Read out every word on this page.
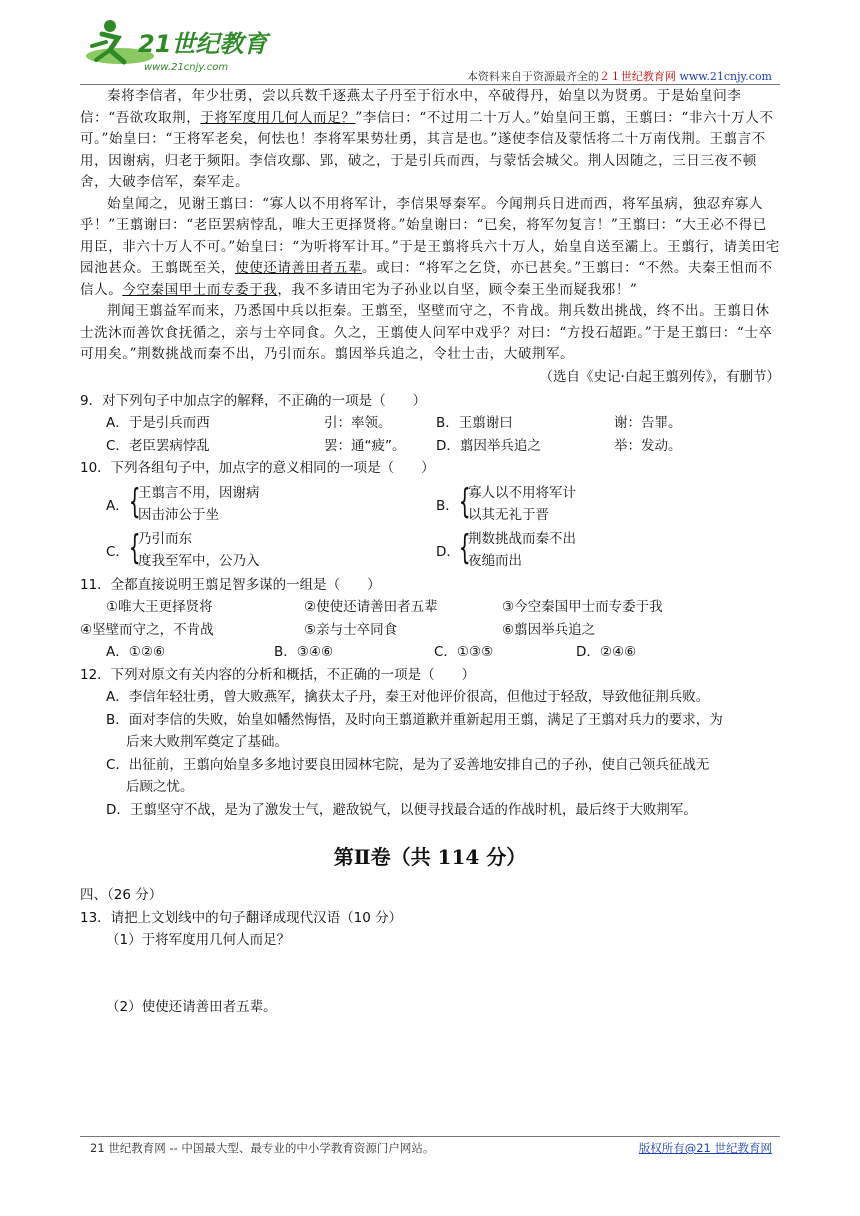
21世纪教育
www.21cnjy.com
本资料来自于资源最齐全的２１世纪教育网 www.21cnjy.com

秦将李信者，年少壮勇，尝以兵数千逐燕太子丹至于衍水中，卒破得丹，始皇以为贤勇。于是始皇问李信：“吾欲攻取荆，于将军度用几何人而足？”李信曰：“不过用二十万人。”始皇问王翦，王翦曰：“非六十万人不可。”始皇曰：“王将军老矣，何怯也！李将军果势壮勇，其言是也。”遂使李信及蒙恬将二十万南伐荆。王翦言不用，因谢病，归老于频阳。李信攻鄢、郢，破之，于是引兵而西，与蒙恬会城父。荆人因随之，三日三夜不顿舍，大破李信军，秦军走。

始皇闻之，见谢王翦曰：“寡人以不用将军计，李信果辱秦军。今闻荆兵日进而西，将军虽病，独忍弃寡人乎！”王翦谢曰：“老臣罢病悖乱，唯大王更择贤将。”始皇谢曰：“已矣，将军勿复言！”王翦曰：“大王必不得已用臣，非六十万人不可。”始皇曰：“为听将军计耳。”于是王翦将兵六十万人，始皇自送至灞上。王翦行，请美田宅园池甚众。王翦既至关，使使还请善田者五辈。或曰：“将军之乞贷，亦已甚矣。”王翦曰：“不然。夫秦王怚而不信人。今空秦国甲士而专委于我，我不多请田宅为子孙业以自坚，顾令秦王坐而疑我邪！”

荆闻王翦益军而来，乃悉国中兵以拒秦。王翦至，坚壁而守之，不肯战。荆兵数出挑战，终不出。王翦日休士洗沐而善饮食抚循之，亲与士卒同食。久之，王翦使人问军中戏乎？对曰：“方投石超距。”于是王翦曰：“士卒可用矣。”荆数挑战而秦不出，乃引而东。翦因举兵追之，令壮士击，大破荆军。

（选自《史记·白起王翦列传》，有删节）

9．对下列句子中加点字的解释，不正确的一项是（　　）

A．于是引兵而西	引：率领。	B．王翦谢曰	谢：告罪。
C．老臣罢病悖乱	罢：通“疲”。	D．翦因举兵追之	举：发动。

10．下列各组句子中，加点字的意义相同的一项是（　　）

A． {
王翦言不用，因谢病
因击沛公于坐
B． {
寡人以不用将军计
以其无礼于晋
C． {
乃引而东
度我至军中，公乃入
D．
{
荆数挑战而秦不出
夜缒而出

11．全都直接说明王翦足智多谋的一组是（　　）

①唯大王更择贤将	②使使还请善田者五辈	③今空秦国甲士而专委于我
④坚壁而守之，不肯战	⑤亲与士卒同食	⑥翦因举兵追之
A．①②⑥	B．③④⑥	C．①③⑤	D．②④⑥

12．下列对原文有关内容的分析和概括，不正确的一项是（　　）

A．李信年轻壮勇，曾大败燕军，擒获太子丹，秦王对他评价很高，但他过于轻敌，导致他征荆兵败。

B．面对李信的失败，始皇如幡然悔悟，及时向王翦道歉并重新起用王翦，满足了王翦对兵力的要求，为

后来大败荆军奠定了基础。

C．出征前，王翦向始皇多多地讨要良田园林宅院，是为了妥善地安排自己的子孙，使自己领兵征战无

后顾之忧。

D．王翦坚守不战，是为了激发士气，避敌锐气，以便寻找最合适的作战时机，最后终于大败荆军。

第Ⅱ卷（共 114 分）

四、（26 分）

13．请把上文划线中的句子翻译成现代汉语（10 分）

（1）于将军度用几何人而足？

（2）使使还请善田者五辈。

21 世纪教育网 -- 中国最大型、最专业的中小学教育资源门户网站。	版权所有@21 世纪教育网
